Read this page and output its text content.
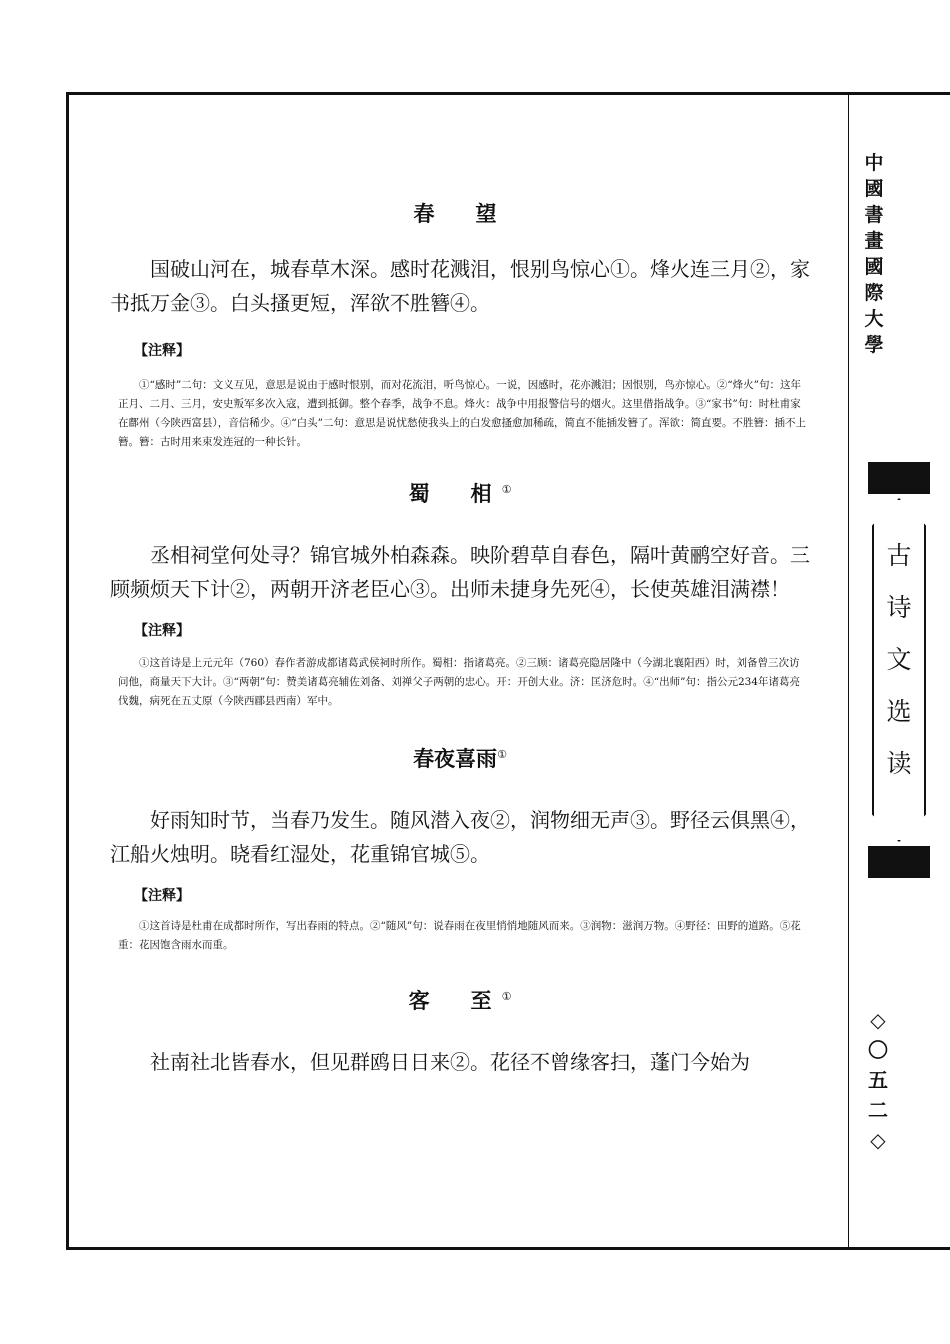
中
國
書
畫
國
際
大
學
古
诗
文
选
读
◇
〇
五
二
◇
春　望

国破山河在，城春草木深。感时花溅泪，恨别鸟惊心①。烽火连三月②，家书抵万金③。白头搔更短，浑欲不胜簪④。

【注释】

①“感时”二句：文义互见，意思是说由于感时恨别，而对花流泪，听鸟惊心。一说，因感时，花亦溅泪；因恨别，鸟亦惊心。②“烽火”句：这年正月、二月、三月，安史叛军多次入寇，遭到抵御。整个春季，战争不息。烽火：战争中用报警信号的烟火。这里借指战争。③“家书”句：时杜甫家在鄜州（今陕西富县），音信稀少。④“白头”二句：意思是说忧愁使我头上的白发愈搔愈加稀疏，简直不能插发簪了。浑欲：简直要。不胜簪：插不上簪。簪：古时用来束发连冠的一种长针。

蜀　相①

丞相祠堂何处寻？锦官城外柏森森。映阶碧草自春色，隔叶黄鹂空好音。三顾频烦天下计②，两朝开济老臣心③。出师未捷身先死④，长使英雄泪满襟！

【注释】

①这首诗是上元元年（760）春作者游成都诸葛武侯祠时所作。蜀相：指诸葛亮。②三顾：诸葛亮隐居隆中（今湖北襄阳西）时，刘备曾三次访问他，商量天下大计。③“两朝”句：赞美诸葛亮辅佐刘备、刘禅父子两朝的忠心。开：开创大业。济：匡济危时。④“出师”句：指公元234年诸葛亮伐魏，病死在五丈原（今陕西郿县西南）军中。

春夜喜雨①

好雨知时节，当春乃发生。随风潜入夜②，润物细无声③。野径云俱黑④，江船火烛明。晓看红湿处，花重锦官城⑤。

【注释】

①这首诗是杜甫在成都时所作，写出春雨的特点。②“随风”句：说春雨在夜里悄悄地随风而来。③润物：滋润万物。④野径：田野的道路。⑤花重：花因饱含雨水而重。

客　至①

社南社北皆春水，但见群鸥日日来②。花径不曾缘客扫，蓬门今始为
